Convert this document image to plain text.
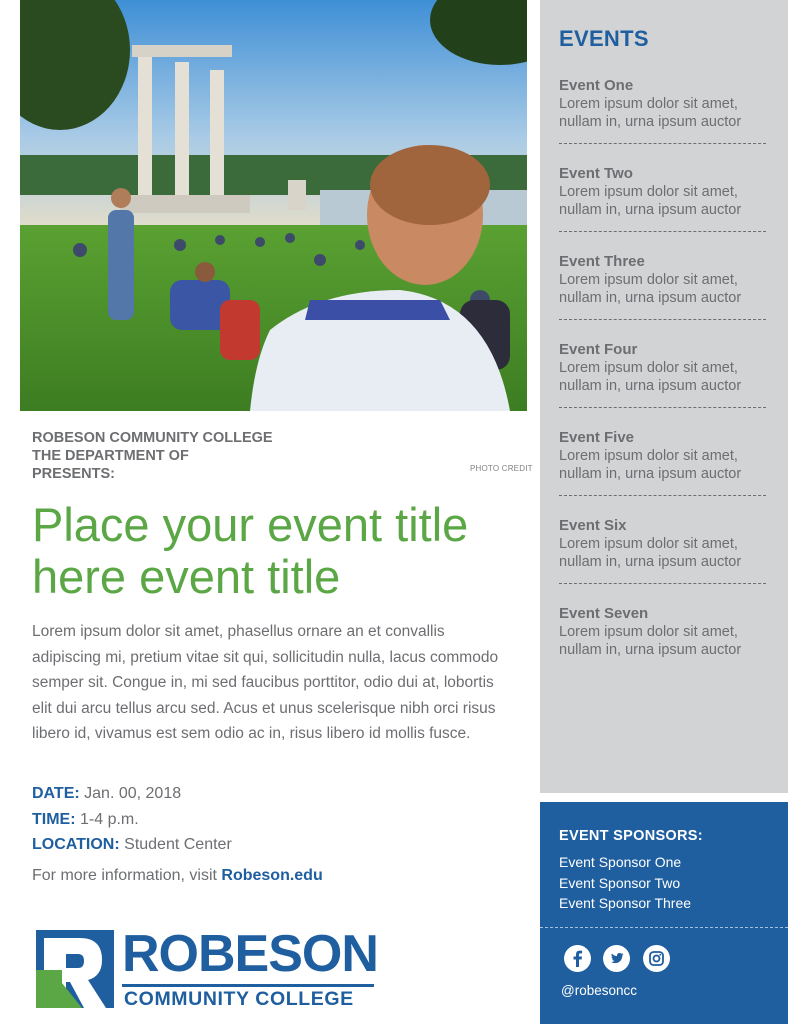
ROBESON COMMUNITY COLLEGE
THE DEPARTMENT OF
PRESENTS:	PHOTO CREDIT
Place your event title here event title

Lorem ipsum dolor sit amet, phasellus ornare an et convallis adipiscing mi, pretium vitae sit qui, sollicitudin nulla, lacus commodo semper sit. Congue in, mi sed faucibus porttitor, odio dui at, lobortis elit dui arcu tellus arcu sed. Acus et unus scelerisque nibh orci risus libero id, vivamus est sem odio ac in, risus libero id mollis fusce.

DATE: Jan. 00, 2018
TIME: 1-4 p.m.
LOCATION: Student Center
For more information, visit Robeson.edu
ROBESON
COMMUNITY COLLEGE
EVENTS
Event One
Lorem ipsum dolor sit amet,
nullam in, urna ipsum auctor
Event Two
Lorem ipsum dolor sit amet,
nullam in, urna ipsum auctor
Event Three
Lorem ipsum dolor sit amet,
nullam in, urna ipsum auctor
Event Four
Lorem ipsum dolor sit amet,
nullam in, urna ipsum auctor
Event Five
Lorem ipsum dolor sit amet,
nullam in, urna ipsum auctor
Event Six
Lorem ipsum dolor sit amet,
nullam in, urna ipsum auctor
Event Seven
Lorem ipsum dolor sit amet,
nullam in, urna ipsum auctor
EVENT SPONSORS:
Event Sponsor One
Event Sponsor Two
Event Sponsor Three
@robesoncc
